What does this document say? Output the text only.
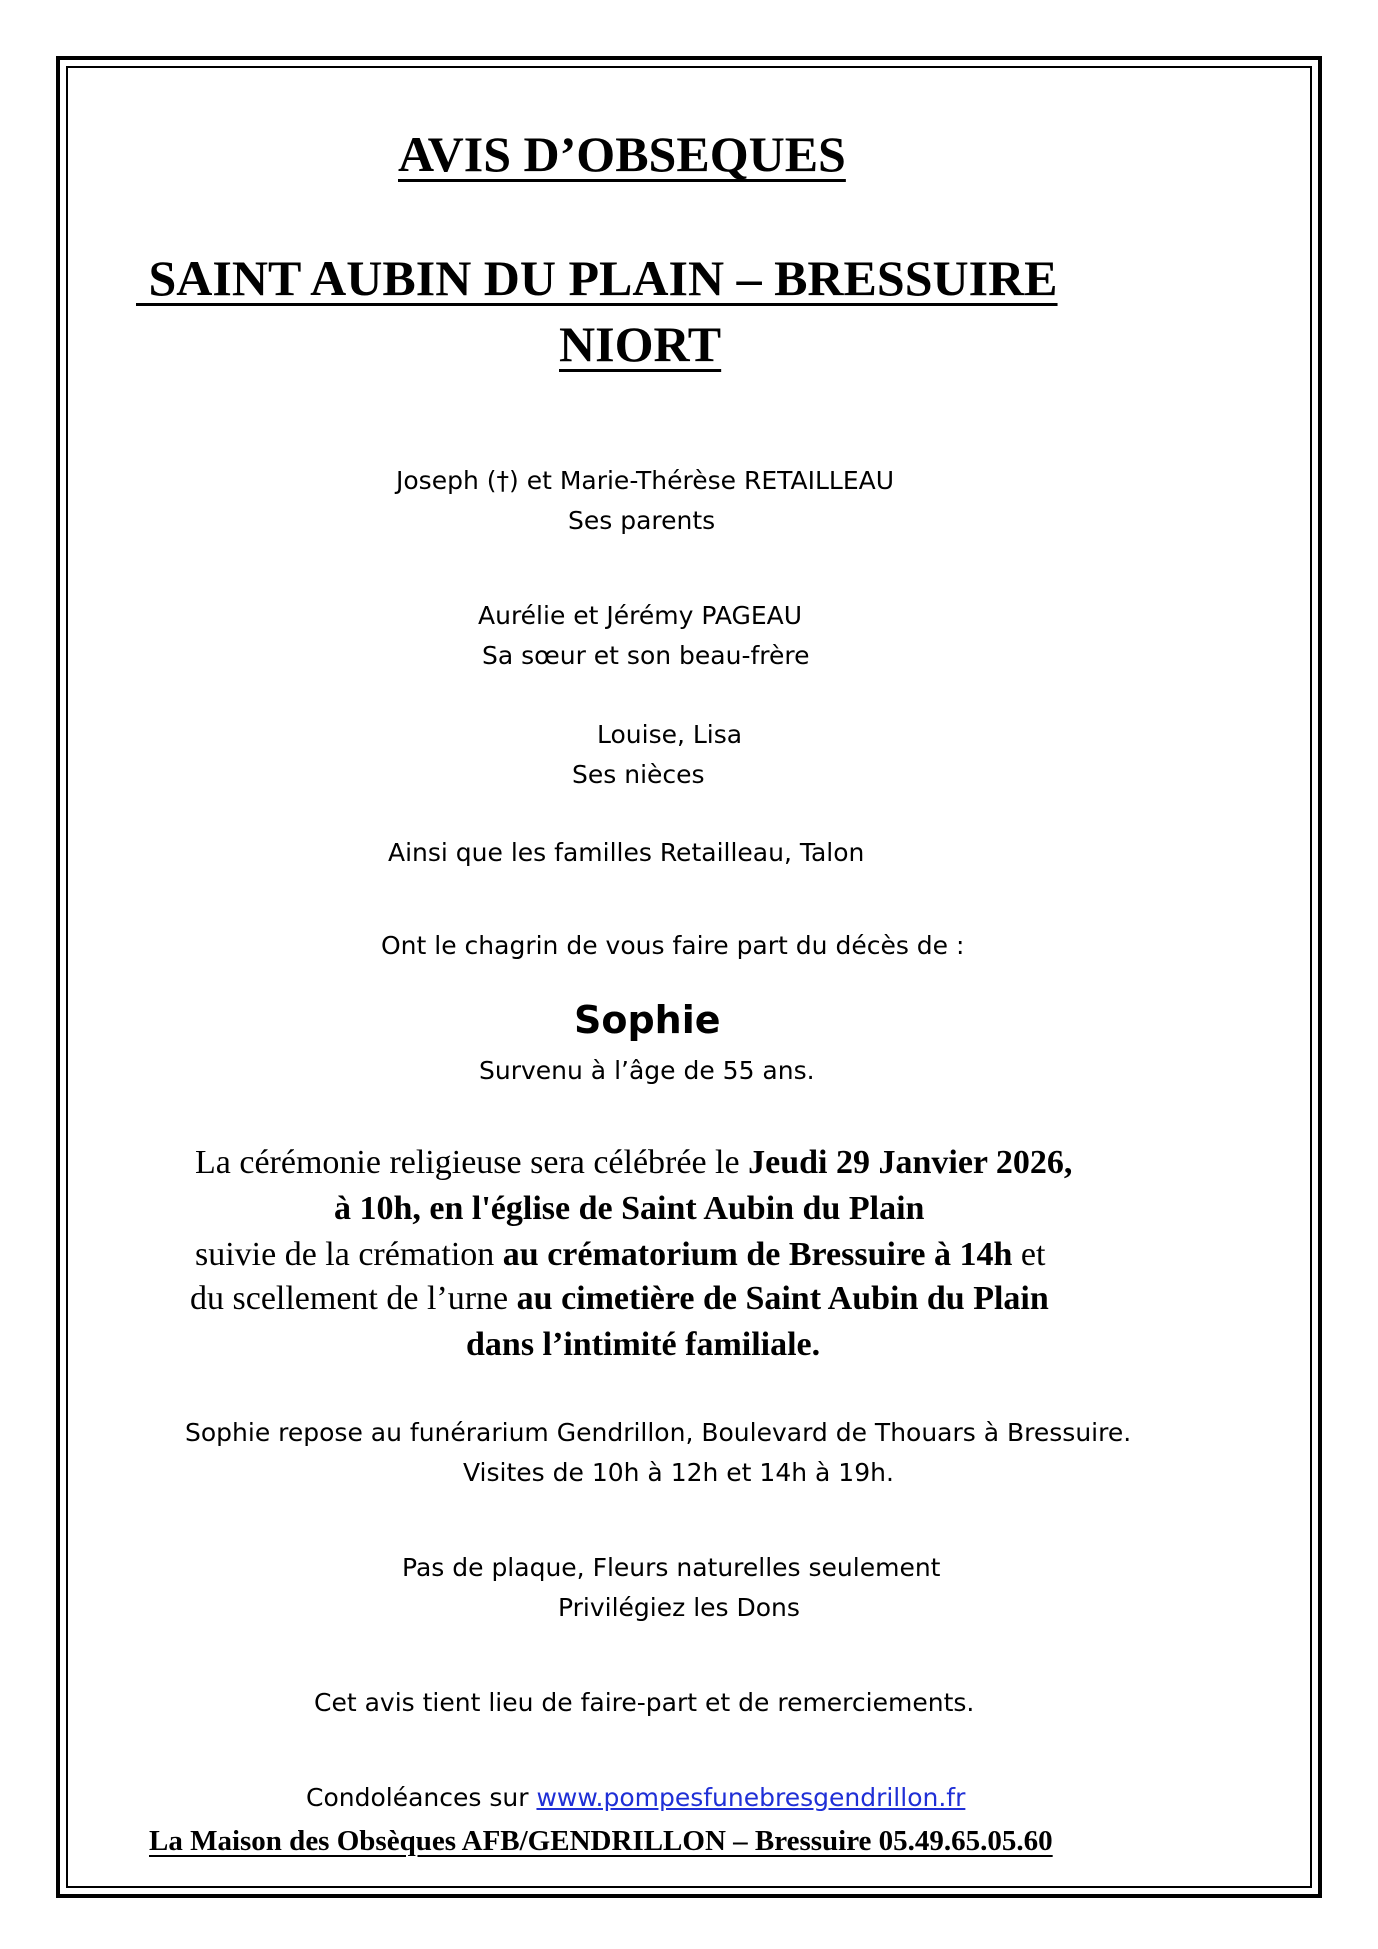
AVIS D’OBSEQUES
SAINT AUBIN DU PLAIN – BRESSUIRE
NIORT
Joseph (†) et Marie-Thérèse RETAILLEAU
Ses parents
Aurélie et Jérémy PAGEAU
Sa sœur et son beau-frère
Louise, Lisa
Ses nièces
Ainsi que les familles Retailleau, Talon
Ont le chagrin de vous faire part du décès de :
Sophie
Survenu à l’âge de 55 ans.
La cérémonie religieuse sera célébrée le Jeudi 29 Janvier 2026,
à 10h, en l'église de Saint Aubin du Plain
suivie de la crémation au crématorium de Bressuire à 14h et
du scellement de l’urne au cimetière de Saint Aubin du Plain
dans l’intimité familiale.
Sophie repose au funérarium Gendrillon, Boulevard de Thouars à Bressuire.
Visites de 10h à 12h et 14h à 19h.
Pas de plaque, Fleurs naturelles seulement
Privilégiez les Dons
Cet avis tient lieu de faire-part et de remerciements.
Condoléances sur www.pompesfunebresgendrillon.fr
La Maison des Obsèques AFB/GENDRILLON – Bressuire 05.49.65.05.60
